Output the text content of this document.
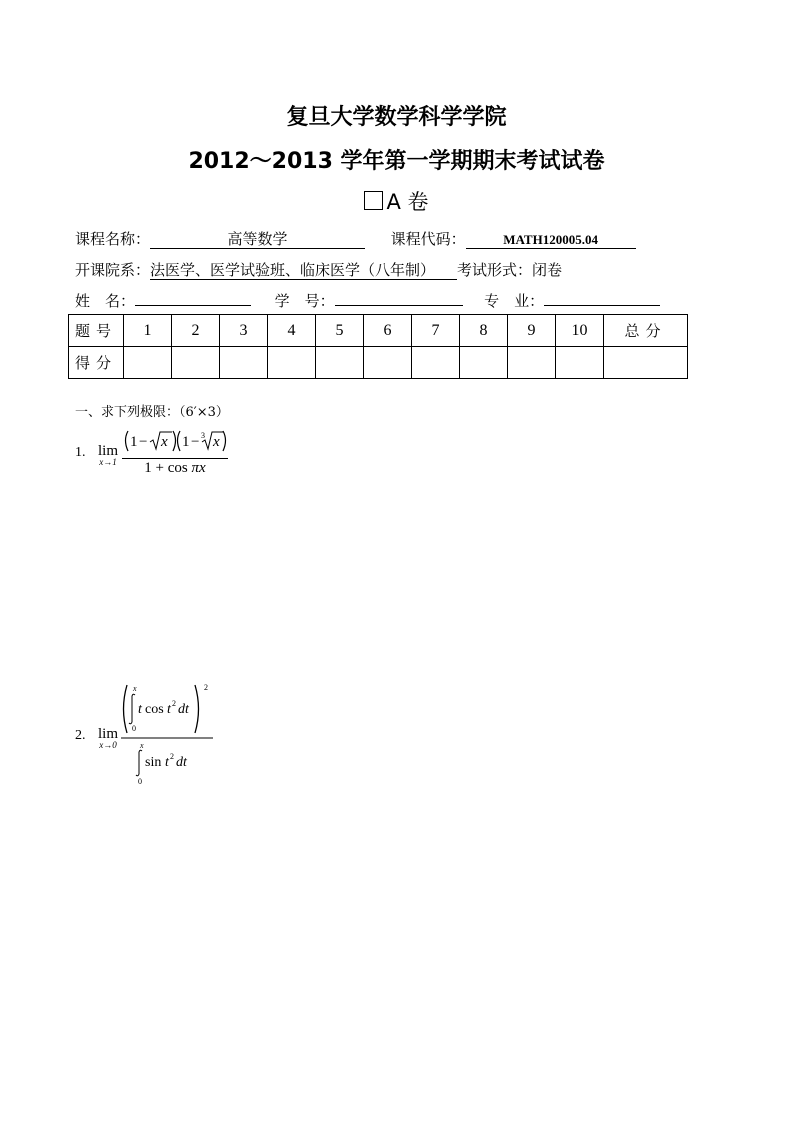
复旦大学数学科学学院
2012～2013 学年第一学期期末考试试卷
A 卷
课程名称：	高等数学	课程代码：	MATH120005.04
开课院系：法医学、医学试验班、临床医学（八年制） 考试形式：闭卷
姓　名：	学　号：	专　业：
题号	1	2	3	4	5	6	7	8	9	10	总分
得分											
一、求下列极限：（6′×3）
1. lim
x→1
1 − x 1 − 3 x
1 + cos πx
2. lim
x→0
x
0
t cos t 2 dt
2
x
0
sin t 2 dt
